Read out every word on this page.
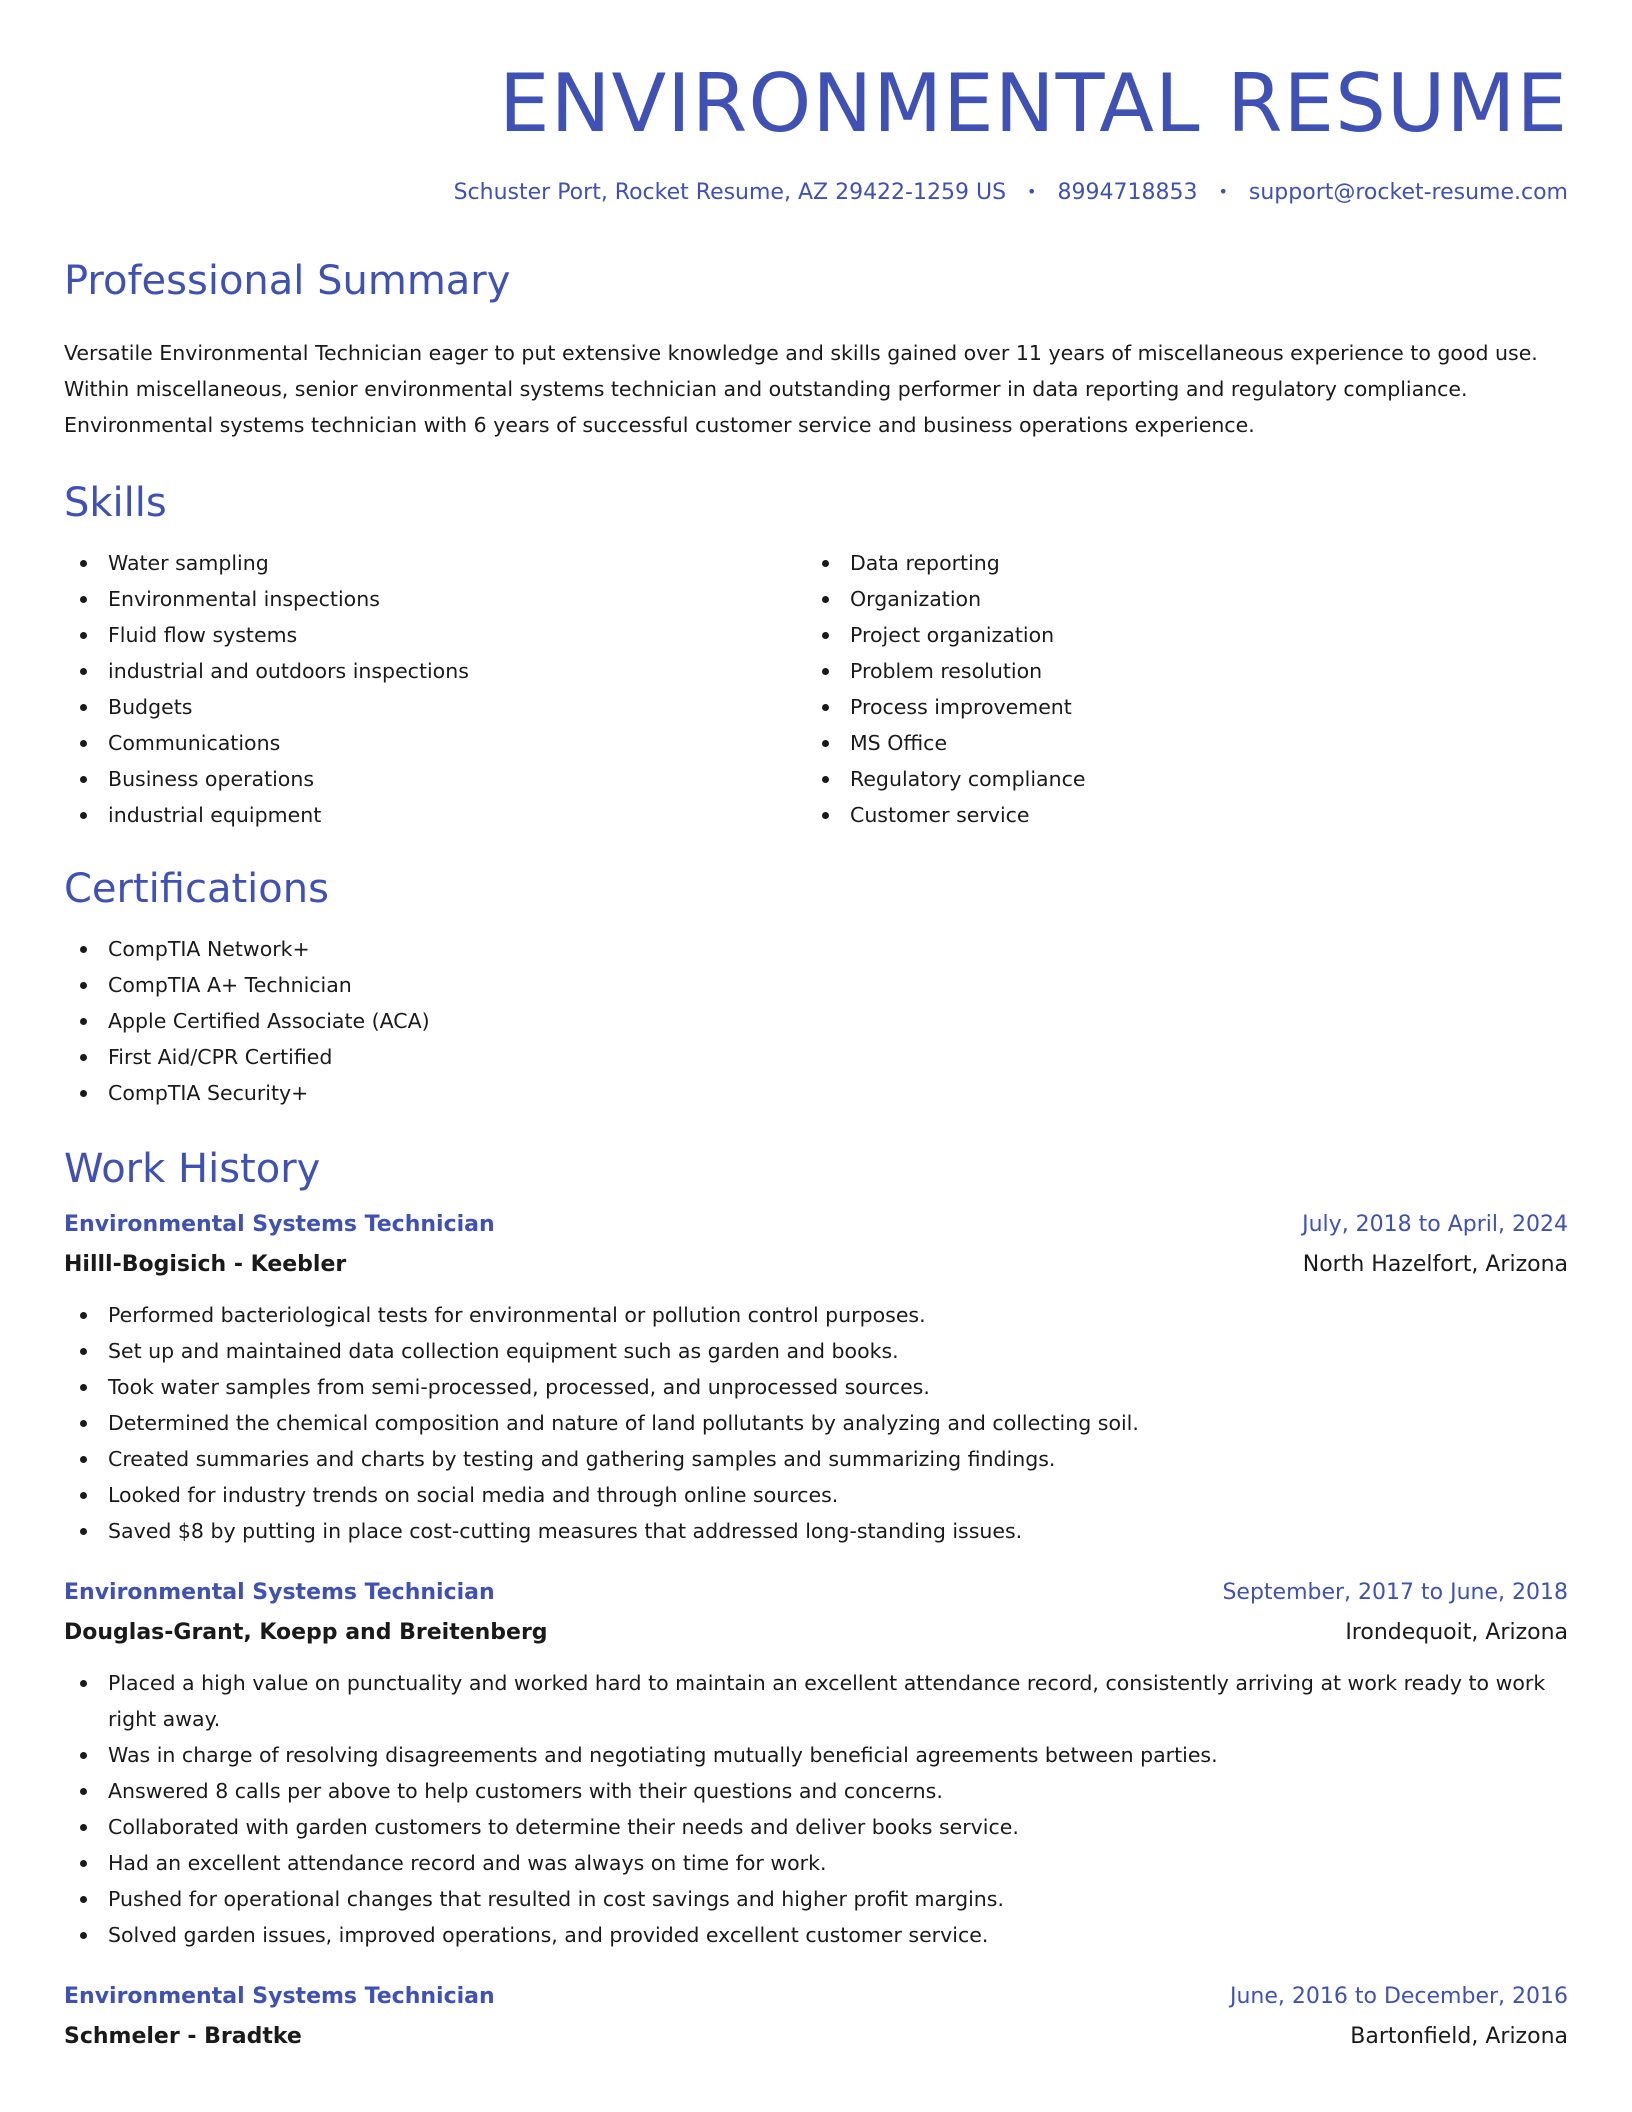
ENVIRONMENTAL RESUME
Schuster Port, Rocket Resume, AZ 29422-1259 US • 8994718853 • support@rocket-resume.com
Professional Summary

Versatile Environmental Technician eager to put extensive knowledge and skills gained over 11 years of miscellaneous experience to good use. Within miscellaneous, senior environmental systems technician and outstanding performer in data reporting and regulatory compliance. Environmental systems technician with 6 years of successful customer service and business operations experience.

Skills
Water sampling
Environmental inspections
Fluid flow systems
industrial and outdoors inspections
Budgets
Communications
Business operations
industrial equipment
Data reporting
Organization
Project organization
Problem resolution
Process improvement
MS Office
Regulatory compliance
Customer service
Certifications
CompTIA Network+
CompTIA A+ Technician
Apple Certified Associate (ACA)
First Aid/CPR Certified
CompTIA Security+
Work History
Environmental Systems Technician	July, 2018 to April, 2024
Hilll-Bogisich - Keebler	North Hazelfort, Arizona
Performed bacteriological tests for environmental or pollution control purposes.
Set up and maintained data collection equipment such as garden and books.
Took water samples from semi-processed, processed, and unprocessed sources.
Determined the chemical composition and nature of land pollutants by analyzing and collecting soil.
Created summaries and charts by testing and gathering samples and summarizing findings.
Looked for industry trends on social media and through online sources.
Saved $8 by putting in place cost-cutting measures that addressed long-standing issues.
Environmental Systems Technician	September, 2017 to June, 2018
Douglas-Grant, Koepp and Breitenberg	Irondequoit, Arizona
Placed a high value on punctuality and worked hard to maintain an excellent attendance record, consistently arriving at work ready to work right away.
Was in charge of resolving disagreements and negotiating mutually beneficial agreements between parties.
Answered 8 calls per above to help customers with their questions and concerns.
Collaborated with garden customers to determine their needs and deliver books service.
Had an excellent attendance record and was always on time for work.
Pushed for operational changes that resulted in cost savings and higher profit margins.
Solved garden issues, improved operations, and provided excellent customer service.
Environmental Systems Technician	June, 2016 to December, 2016
Schmeler - Bradtke	Bartonfield, Arizona
